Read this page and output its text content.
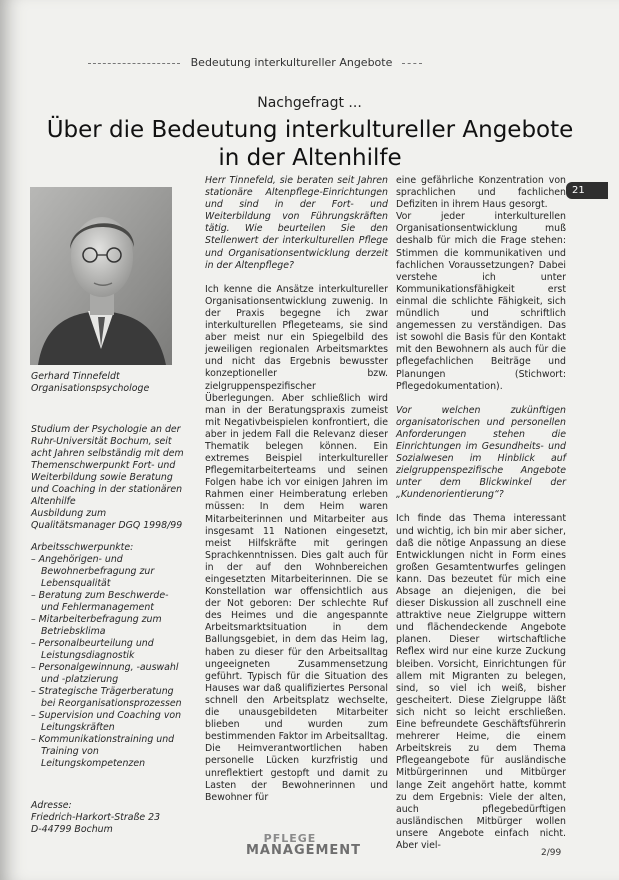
Bedeutung interkultureller Angebote
Nachgefragt ...
Über die Bedeutung interkultureller Angebote
in der Altenhilfe
Gerhard Tinnefeldt
Organisationspsychologe
Studium der Psychologie an der Ruhr-Universität Bochum, seit acht Jahren selbständig mit dem Themenschwerpunkt Fort- und Weiterbildung sowie Beratung und Coaching in der stationären Altenhilfe
Ausbildung zum Qualitätsmanager DGQ 1998/99
Arbeitsschwerpunkte:
– Angehörigen- und Bewohnerbefragung zur Lebensqualität
– Beratung zum Beschwerde- und Fehlermanagement
– Mitarbeiterbefragung zum Betriebsklima
– Personalbeurteilung und Leistungsdiagnostik
– Personalgewinnung, -auswahl und -platzierung
– Strategische Trägerberatung bei Reorganisationsprozessen
– Supervision und Coaching von Leitungskräften
– Kommunikationstraining und Training von Leitungskompetenzen
Adresse:
Friedrich-Harkort-Straße 23
D-44799 Bochum

Herr Tinnefeld, sie beraten seit Jahren stationäre Altenpflege-Einrichtungen und sind in der Fort- und Weiterbildung von Führungskräften tätig. Wie beurteilen Sie den Stellenwert der interkulturellen Pflege und Organisationsentwicklung derzeit in der Altenpflege?

Ich kenne die Ansätze interkultureller Organisationsentwicklung zuwenig. In der Praxis begegne ich zwar interkulturellen Pflegeteams, sie sind aber meist nur ein Spiegelbild des jeweiligen regionalen Arbeitsmarktes und nicht das Ergebnis bewusster konzeptioneller bzw. zielgruppenspezifischer Überlegungen. Aber schließlich wird man in der Beratungspraxis zumeist mit Negativbeispielen konfrontiert, die aber in jedem Fall die Relevanz dieser Thematik belegen können. Ein extremes Beispiel interkultureller Pflegemitarbeiterteams und seinen Folgen habe ich vor einigen Jahren im Rahmen einer Heimberatung erleben müssen: In dem Heim waren Mitarbeiterinnen und Mitarbeiter aus insgesamt 11 Nationen eingesetzt, meist Hilfskräfte mit geringen Sprachkenntnissen. Dies galt auch für in der auf den Wohnbereichen eingesetzten Mitarbeiterinnen. Die se Konstellation war offensichtlich aus der Not geboren: Der schlechte Ruf des Heimes und die angespannte Arbeitsmarktsituation in dem Ballungsgebiet, in dem das Heim lag, haben zu dieser für den Arbeitsalltag ungeeigneten Zusammensetzung geführt. Typisch für die Situation des Hauses war daß qualifiziertes Personal schnell den Arbeitsplatz wechselte, die unausgebildeten Mitarbeiter blieben und wurden zum bestimmenden Faktor im Arbeitsalltag. Die Heimverantwortlichen haben personelle Lücken kurzfristig und unreflektiert gestopft und damit zu Lasten der Bewohnerinnen und Bewohner für

eine gefährliche Konzentration von sprachlichen und fachlichen Defiziten in ihrem Haus gesorgt.

Vor jeder interkulturellen Organisationsentwicklung muß deshalb für mich die Frage stehen: Stimmen die kommunikativen und fachlichen Voraussetzungen? Dabei verstehe ich unter Kommunikationsfähigkeit erst einmal die schlichte Fähigkeit, sich mündlich und schriftlich angemessen zu verständigen. Das ist sowohl die Basis für den Kontakt mit den Bewohnern als auch für die pflegefachlichen Beiträge und Planungen (Stichwort: Pflegedokumentation).

Vor welchen zukünftigen organisatorischen und personellen Anforderungen stehen die Einrichtungen im Gesundheits- und Sozialwesen im Hinblick auf zielgruppenspezifische Angebote unter dem Blickwinkel der „Kundenorientierung“?

Ich finde das Thema interessant und wichtig, ich bin mir aber sicher, daß die nötige Anpassung an diese Entwicklungen nicht in Form eines großen Gesamtentwurfes gelingen kann. Das bezeutet für mich eine Absage an diejenigen, die bei dieser Diskussion all zuschnell eine attraktive neue Zielgruppe wittern und flächendeckende Angebote planen. Dieser wirtschaftliche Reflex wird nur eine kurze Zuckung bleiben. Vorsicht, Einrichtungen für allem mit Migranten zu belegen, sind, so viel ich weiß, bisher gescheitert. Diese Zielgruppe läßt sich nicht so leicht erschließen. Eine befreundete Geschäftsführerin mehrerer Heime, die einem Arbeitskreis zu dem Thema Pflegeangebote für ausländische Mitbürgerinnen und Mitbürger lange Zeit angehört hatte, kommt zu dem Ergebnis: Viele der alten, auch pflegebedürftigen ausländischen Mitbürger wollen unsere Angebote einfach nicht. Aber viel-

21
PFLEGE
MANAGEMENT	2/99
